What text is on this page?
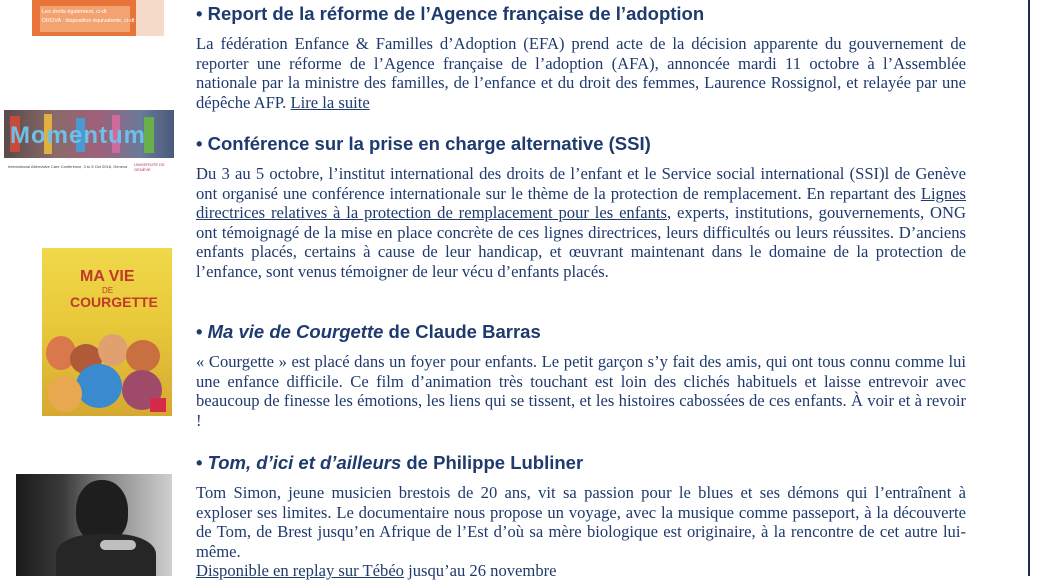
Les droits également, ci-dt
DROVA : disposition équivalente, ci-dt
Momentum
International Alternative Care Conference, 3 to 5 Oct 2016, Geneva UNIVERSITÉ DE GENÈVE
MA VIE
DE
COURGETTE
• Report de la réforme de l’Agence française de l’adoption

La fédération Enfance & Familles d’Adoption (EFA) prend acte de la décision apparente du gouvernement de reporter une réforme de l’Agence française de l’adoption (AFA), annoncée mardi 11 octobre à l’Assemblée nationale par la ministre des familles, de l’enfance et du droit des femmes, Laurence Rossignol, et relayée par une dépêche AFP. Lire la suite

• Conférence sur la prise en charge alternative (SSI)

Du 3 au 5 octobre, l’institut international des droits de l’enfant et le Service social international (SSI)l de Genève ont organisé une conférence internationale sur le thème de la protection de remplacement. En repartant des Lignes directrices relatives à la protection de remplacement pour les enfants, experts, institutions, gouvernements, ONG ont témoignagé de la mise en place concrète de ces lignes directrices, leurs difficultés ou leurs réussites. D’anciens enfants placés, certains à cause de leur handicap, et œuvrant maintenant dans le domaine de la protection de l’enfance, sont venus témoigner de leur vécu d’enfants placés.

• Ma vie de Courgette de Claude Barras

« Courgette » est placé dans un foyer pour enfants. Le petit garçon s’y fait des amis, qui ont tous connu comme lui une enfance difficile. Ce film d’animation très touchant est loin des clichés habituels et laisse entrevoir avec beaucoup de finesse les émotions, les liens qui se tissent, et les histoires cabossées de ces enfants. À voir et à revoir !

• Tom, d’ici et d’ailleurs de Philippe Lubliner

Tom Simon, jeune musicien brestois de 20 ans, vit sa passion pour le blues et ses démons qui l’entraînent à exploser ses limites. Le documentaire nous propose un voyage, avec la musique comme passeport, à la découverte de Tom, de Brest jusqu’en Afrique de l’Est d’où sa mère biologique est originaire, à la rencontre de cet autre lui-même.
Disponible en replay sur Tébéo jusqu’au 26 novembre
